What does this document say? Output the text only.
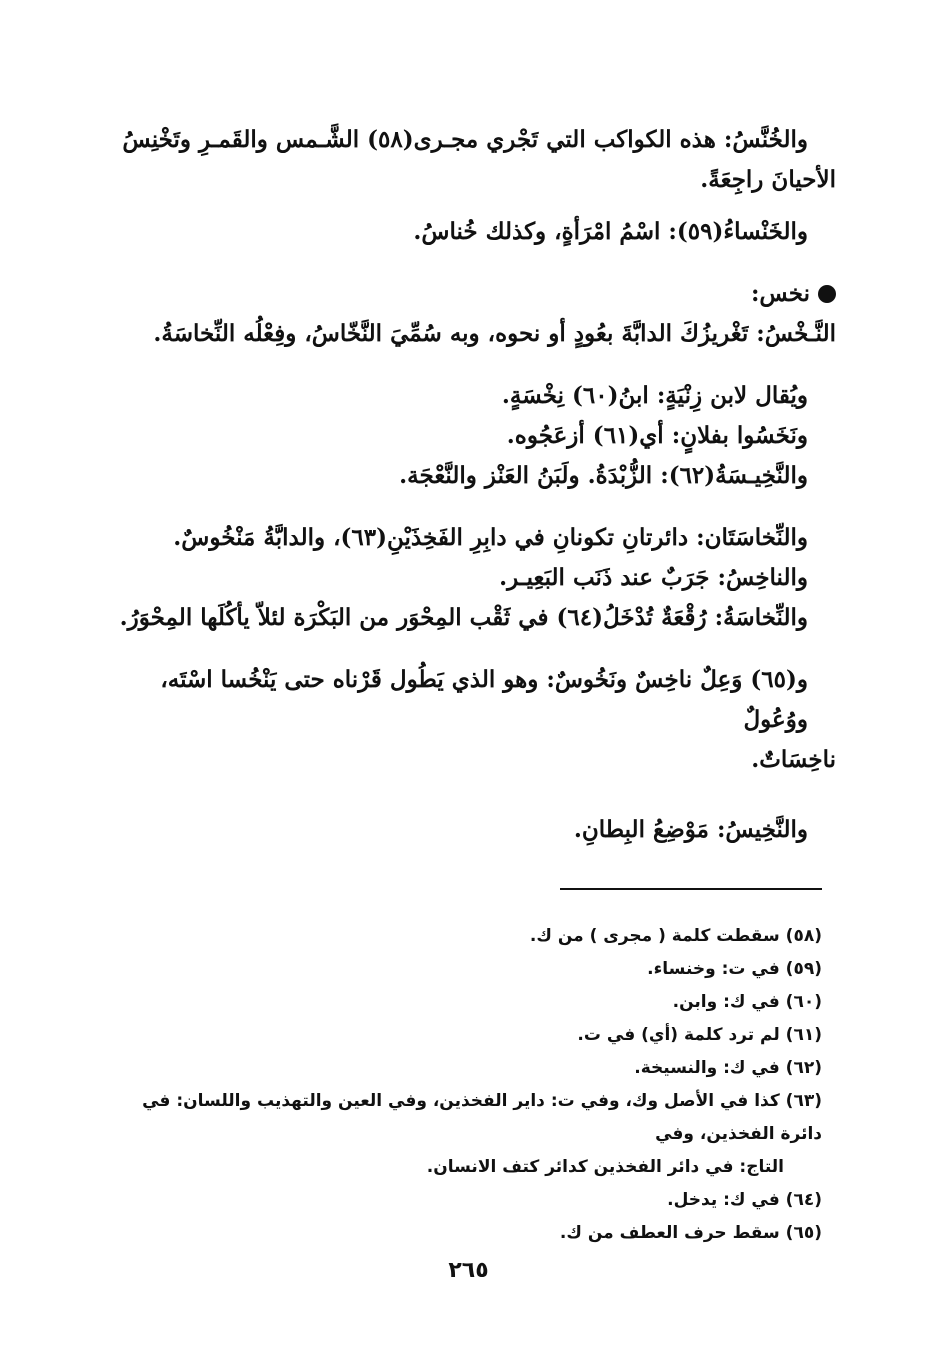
والخُنَّسُ: هذه الكواكب التي تَجْري مجـرى(٥٨) الشَّـمس والقَمـرِ وتَخْنِسُ

الأحيانَ راجِعَةً.

والخَنْساءُ(٥٩): اسْمُ امْرَأةٍ، وكذلك خُناسُ.

نخس:

النَّـخْسُ: تَغْريزُكَ الدابَّةَ بعُودٍ أو نحوه، وبه سُمِّيَ النَّخّاسُ، وفِعْلُه النِّخاسَةُ.

ويُقال لابن زِنْيَةٍ: ابنُ(٦٠) نِخْسَةٍ.

ونَخَسُوا بفلانٍ: أي(٦١) أزعَجُوه.

والنَّخِيـسَةُ(٦٢): الزُّبْدَةُ. ولَبَنُ العَنْز والنَّعْجَة.

والنِّخاسَتَان: دائرتانِ تكونانِ في دابِرِ الفَخِذَيْنِ(٦٣)، والدابَّةُ مَنْخُوسٌ.

والناخِسُ: جَرَبٌ عند ذَنَب البَعِيـر.

والنِّخاسَةُ: رُقْعَةٌ تُدْخَلُ(٦٤) في ثَقْب المِحْوَر من البَكْرَة لئلاّ يأكُلَها المِحْوَرُ.

و(٦٥) وَعِلٌ ناخِسٌ ونَخُوسٌ: وهو الذي يَطُول قَرْناه حتى يَنْخُسا اسْتَه، ووُعُولٌ

ناخِسَاتٌ.

والنَّخِيسُ: مَوْضِعُ البِطانِ.

(٥٨) سقطت كلمة ( مجرى ) من ك.

(٥٩) في ت: وخنساء.

(٦٠) في ك: وابن.

(٦١) لم ترد كلمة (أي) في ت.

(٦٢) في ك: والنسيخة.

(٦٣) كذا في الأصل وك، وفي ت: داير الفخذين، وفي العين والتهذيب واللسان: في دائرة الفخذين، وفي

التاج: في دائر الفخذين كدائر كتف الانسان.

(٦٤) في ك: يدخل.

(٦٥) سقط حرف العطف من ك.

٢٦٥
